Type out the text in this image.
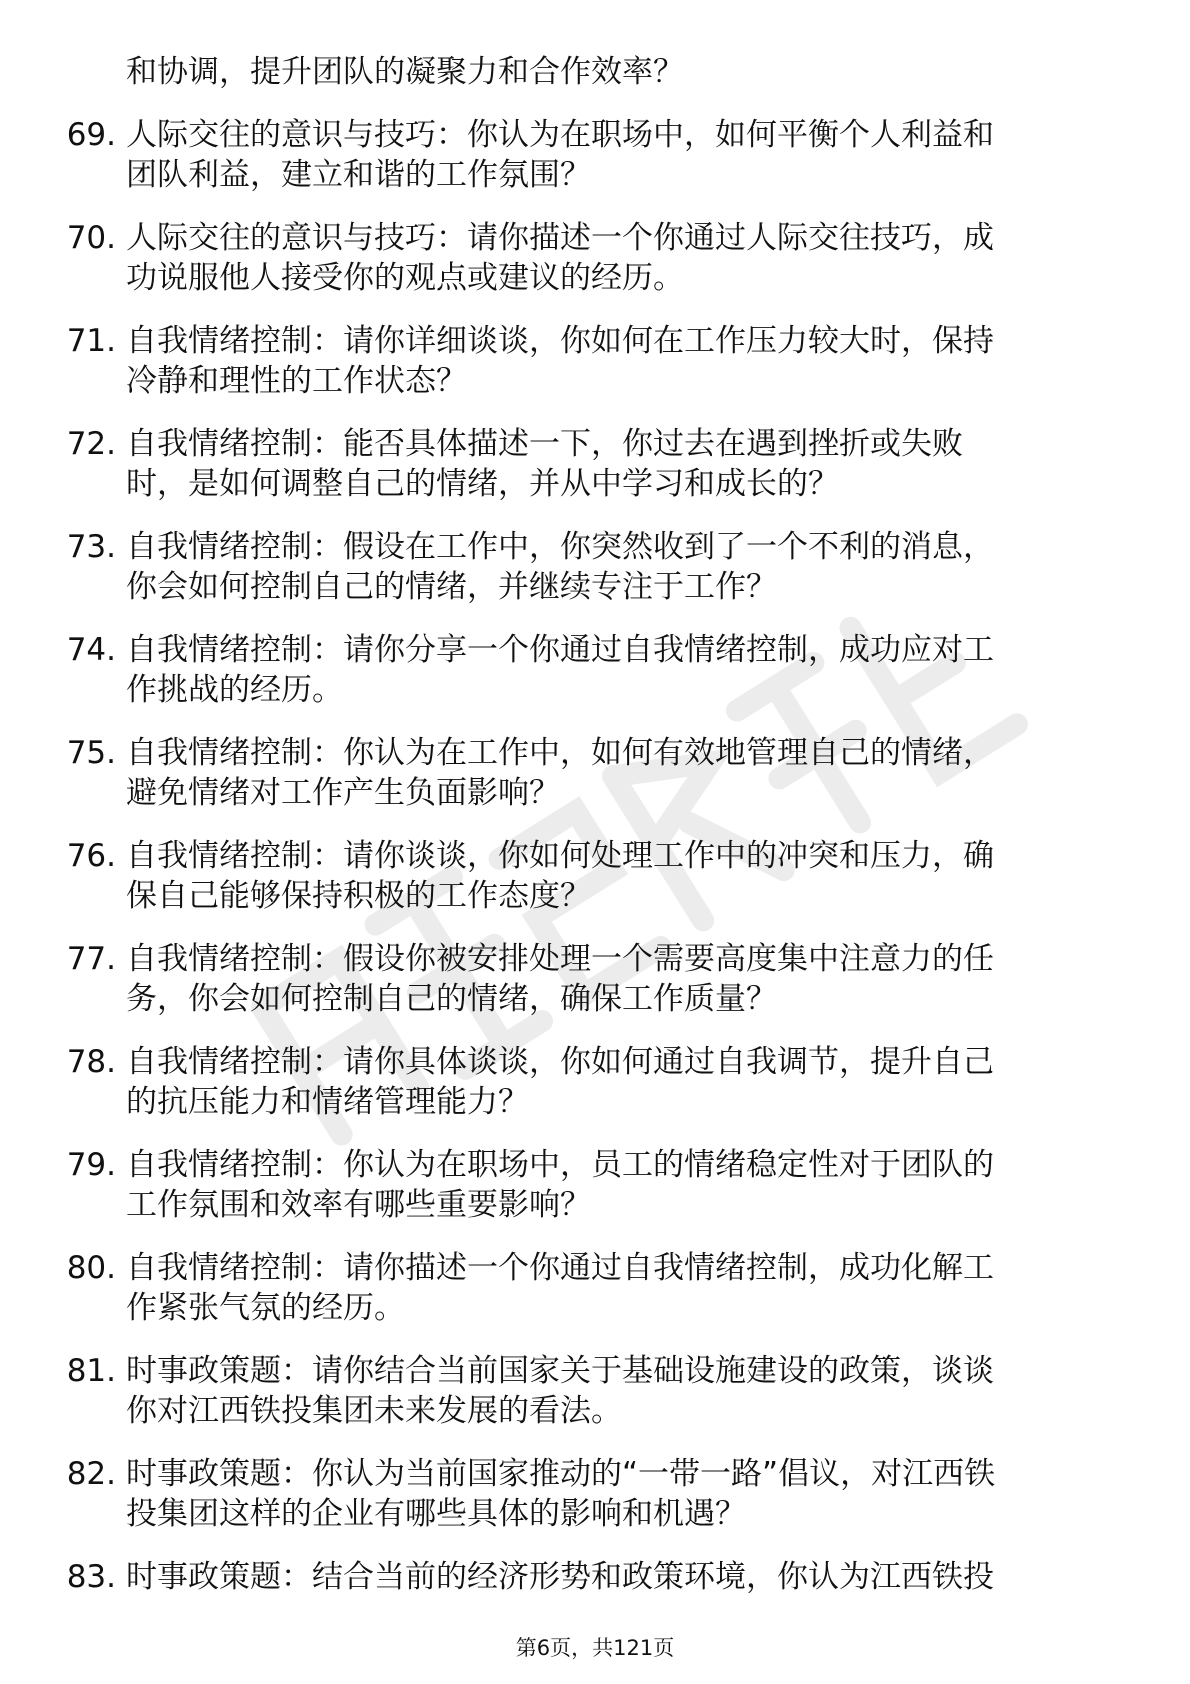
和协调，提升团队的凝聚力和合作效率？
69. 人际交往的意识与技巧：你认为在职场中，如何平衡个人利益和
团队利益，建立和谐的工作氛围？
70. 人际交往的意识与技巧：请你描述一个你通过人际交往技巧，成
功说服他人接受你的观点或建议的经历。
71. 自我情绪控制：请你详细谈谈，你如何在工作压力较大时，保持
冷静和理性的工作状态？
72. 自我情绪控制：能否具体描述一下，你过去在遇到挫折或失败
时，是如何调整自己的情绪，并从中学习和成长的？
73. 自我情绪控制：假设在工作中，你突然收到了一个不利的消息，
你会如何控制自己的情绪，并继续专注于工作？
74. 自我情绪控制：请你分享一个你通过自我情绪控制，成功应对工
作挑战的经历。
75. 自我情绪控制：你认为在工作中，如何有效地管理自己的情绪，
避免情绪对工作产生负面影响？
76. 自我情绪控制：请你谈谈，你如何处理工作中的冲突和压力，确
保自己能够保持积极的工作态度？
77. 自我情绪控制：假设你被安排处理一个需要高度集中注意力的任
务，你会如何控制自己的情绪，确保工作质量？
78. 自我情绪控制：请你具体谈谈，你如何通过自我调节，提升自己
的抗压能力和情绪管理能力？
79. 自我情绪控制：你认为在职场中，员工的情绪稳定性对于团队的
工作氛围和效率有哪些重要影响？
80. 自我情绪控制：请你描述一个你通过自我情绪控制，成功化解工
作紧张气氛的经历。
81. 时事政策题：请你结合当前国家关于基础设施建设的政策，谈谈
你对江西铁投集团未来发展的看法。
82. 时事政策题：你认为当前国家推动的“一带一路”倡议，对江西铁
投集团这样的企业有哪些具体的影响和机遇？
83. 时事政策题：结合当前的经济形势和政策环境，你认为江西铁投
第6页，共121页
